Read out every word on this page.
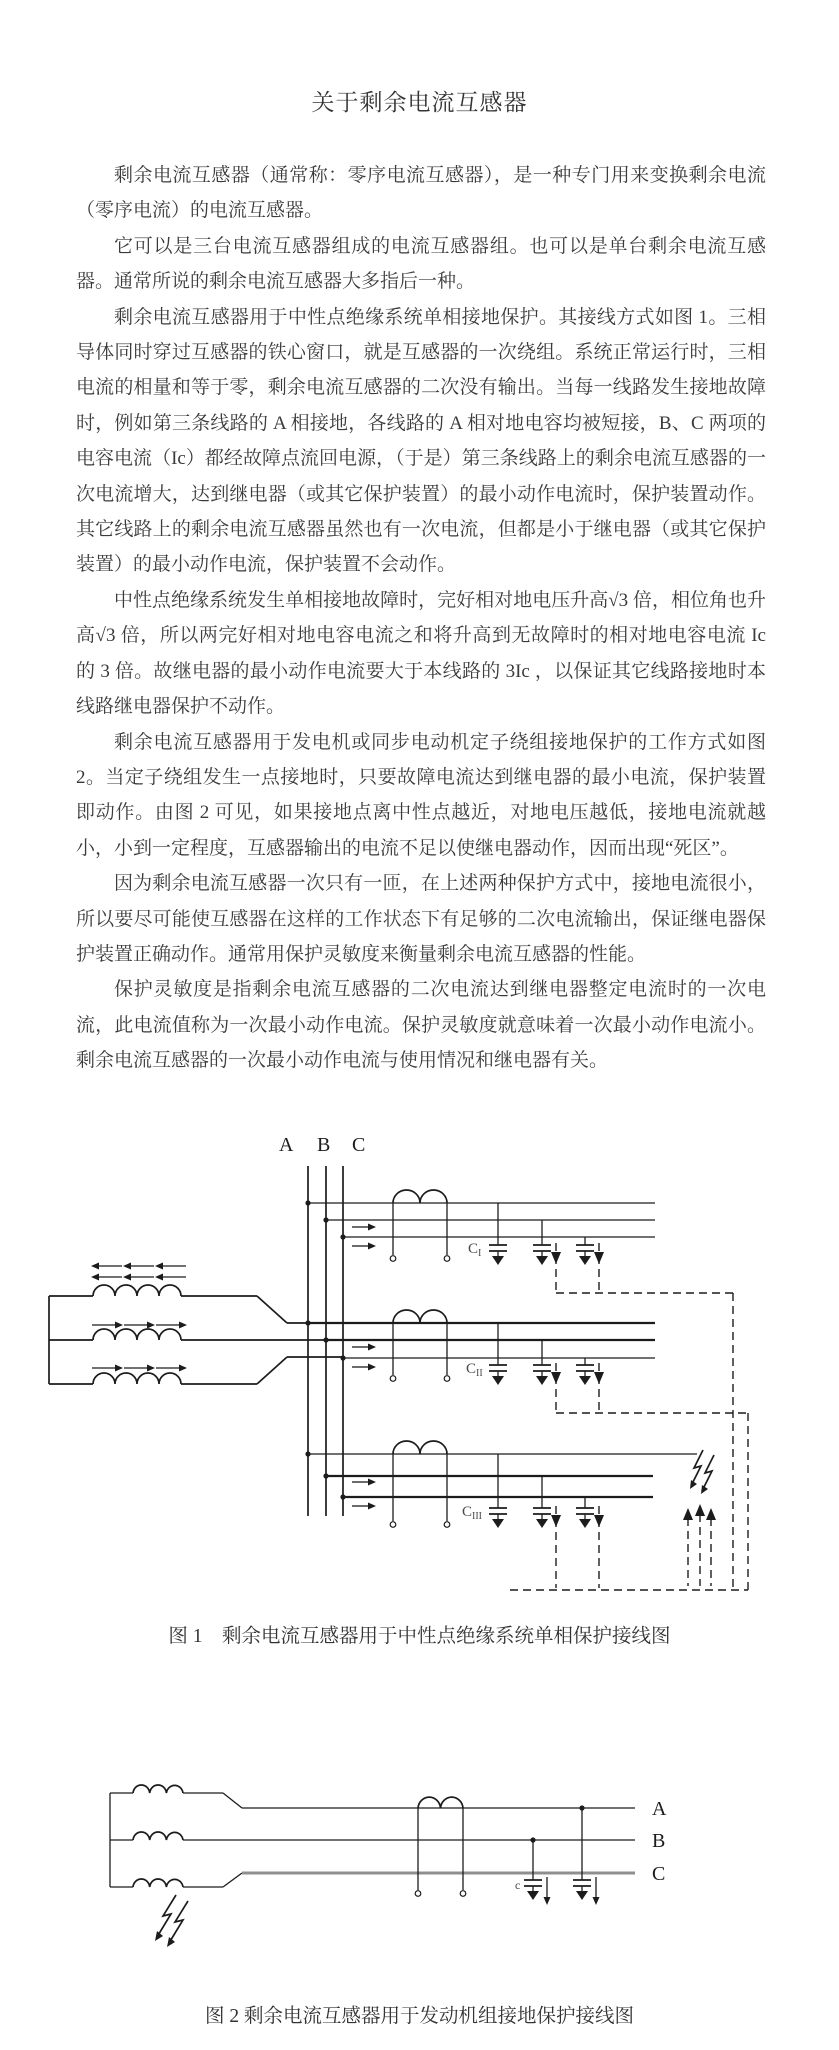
关于剩余电流互感器

剩余电流互感器（通常称：零序电流互感器），是一种专门用来变换剩余电流（零序电流）的电流互感器。

它可以是三台电流互感器组成的电流互感器组。也可以是单台剩余电流互感器。通常所说的剩余电流互感器大多指后一种。

剩余电流互感器用于中性点绝缘系统单相接地保护。其接线方式如图 1。三相导体同时穿过互感器的铁心窗口，就是互感器的一次绕组。系统正常运行时，三相电流的相量和等于零，剩余电流互感器的二次没有输出。当每一线路发生接地故障时，例如第三条线路的 A 相接地，各线路的 A 相对地电容均被短接，B、C 两项的电容电流（Ic）都经故障点流回电源，（于是）第三条线路上的剩余电流互感器的一次电流增大，达到继电器（或其它保护装置）的最小动作电流时，保护装置动作。其它线路上的剩余电流互感器虽然也有一次电流，但都是小于继电器（或其它保护装置）的最小动作电流，保护装置不会动作。

中性点绝缘系统发生单相接地故障时，完好相对地电压升高√3 倍，相位角也升高√3 倍，所以两完好相对地电容电流之和将升高到无故障时的相对地电容电流 Ic 的 3 倍。故继电器的最小动作电流要大于本线路的 3Ic ，以保证其它线路接地时本线路继电器保护不动作。

剩余电流互感器用于发电机或同步电动机定子绕组接地保护的工作方式如图 2。当定子绕组发生一点接地时，只要故障电流达到继电器的最小电流，保护装置即动作。由图 2 可见，如果接地点离中性点越近，对地电压越低，接地电流就越小，小到一定程度，互感器输出的电流不足以使继电器动作，因而出现“死区”。

因为剩余电流互感器一次只有一匝，在上述两种保护方式中，接地电流很小，所以要尽可能使互感器在这样的工作状态下有足够的二次电流输出，保证继电器保护装置正确动作。通常用保护灵敏度来衡量剩余电流互感器的性能。

保护灵敏度是指剩余电流互感器的二次电流达到继电器整定电流时的一次电流，此电流值称为一次最小动作电流。保护灵敏度就意味着一次最小动作电流小。剩余电流互感器的一次最小动作电流与使用情况和继电器有关。

A B C
$C_I$
$C_{II}$
$C_{III}$
图 1　剩余电流互感器用于中性点绝缘系统单相保护接线图
c
A
B
C
图 2 剩余电流互感器用于发动机组接地保护接线图
